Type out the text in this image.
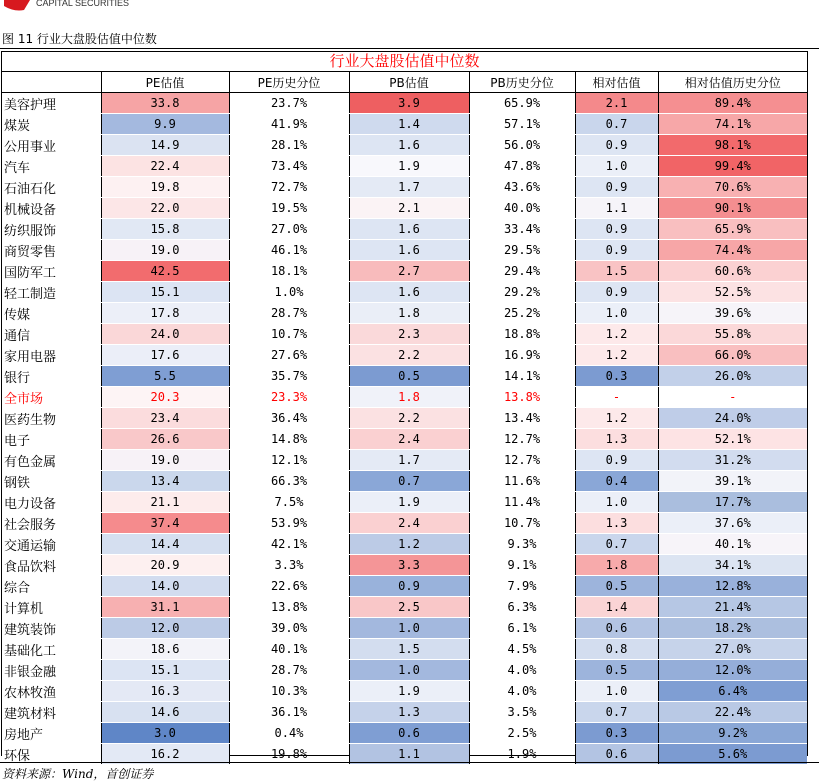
CAPITAL SECURITIES
图 11 行业大盘股估值中位数
行业大盘股估值中位数
	PE估值	PE历史分位	PB估值	PB历史分位	相对估值	相对估值历史分位
美容护理	33.8	23.7%	3.9	65.9%	2.1	89.4%
煤炭	9.9	41.9%	1.4	57.1%	0.7	74.1%
公用事业	14.9	28.1%	1.6	56.0%	0.9	98.1%
汽车	22.4	73.4%	1.9	47.8%	1.0	99.4%
石油石化	19.8	72.7%	1.7	43.6%	0.9	70.6%
机械设备	22.0	19.5%	2.1	40.0%	1.1	90.1%
纺织服饰	15.8	27.0%	1.6	33.4%	0.9	65.9%
商贸零售	19.0	46.1%	1.6	29.5%	0.9	74.4%
国防军工	42.5	18.1%	2.7	29.4%	1.5	60.6%
轻工制造	15.1	1.0%	1.6	29.2%	0.9	52.5%
传媒	17.8	28.7%	1.8	25.2%	1.0	39.6%
通信	24.0	10.7%	2.3	18.8%	1.2	55.8%
家用电器	17.6	27.6%	2.2	16.9%	1.2	66.0%
银行	5.5	35.7%	0.5	14.1%	0.3	26.0%
全市场	20.3	23.3%	1.8	13.8%	-	-
医药生物	23.4	36.4%	2.2	13.4%	1.2	24.0%
电子	26.6	14.8%	2.4	12.7%	1.3	52.1%
有色金属	19.0	12.1%	1.7	12.7%	0.9	31.2%
钢铁	13.4	66.3%	0.7	11.6%	0.4	39.1%
电力设备	21.1	7.5%	1.9	11.4%	1.0	17.7%
社会服务	37.4	53.9%	2.4	10.7%	1.3	37.6%
交通运输	14.4	42.1%	1.2	9.3%	0.7	40.1%
食品饮料	20.9	3.3%	3.3	9.1%	1.8	34.1%
综合	14.0	22.6%	0.9	7.9%	0.5	12.8%
计算机	31.1	13.8%	2.5	6.3%	1.4	21.4%
建筑装饰	12.0	39.0%	1.0	6.1%	0.6	18.2%
基础化工	18.6	40.1%	1.5	4.5%	0.8	27.0%
非银金融	15.1	28.7%	1.0	4.0%	0.5	12.0%
农林牧渔	16.3	10.3%	1.9	4.0%	1.0	6.4%
建筑材料	14.6	36.1%	1.3	3.5%	0.7	22.4%
房地产	3.0	0.4%	0.6	2.5%	0.3	9.2%
环保	16.2	19.8%	1.1	1.9%	0.6	5.6%
资料来源：Wind，首创证券
